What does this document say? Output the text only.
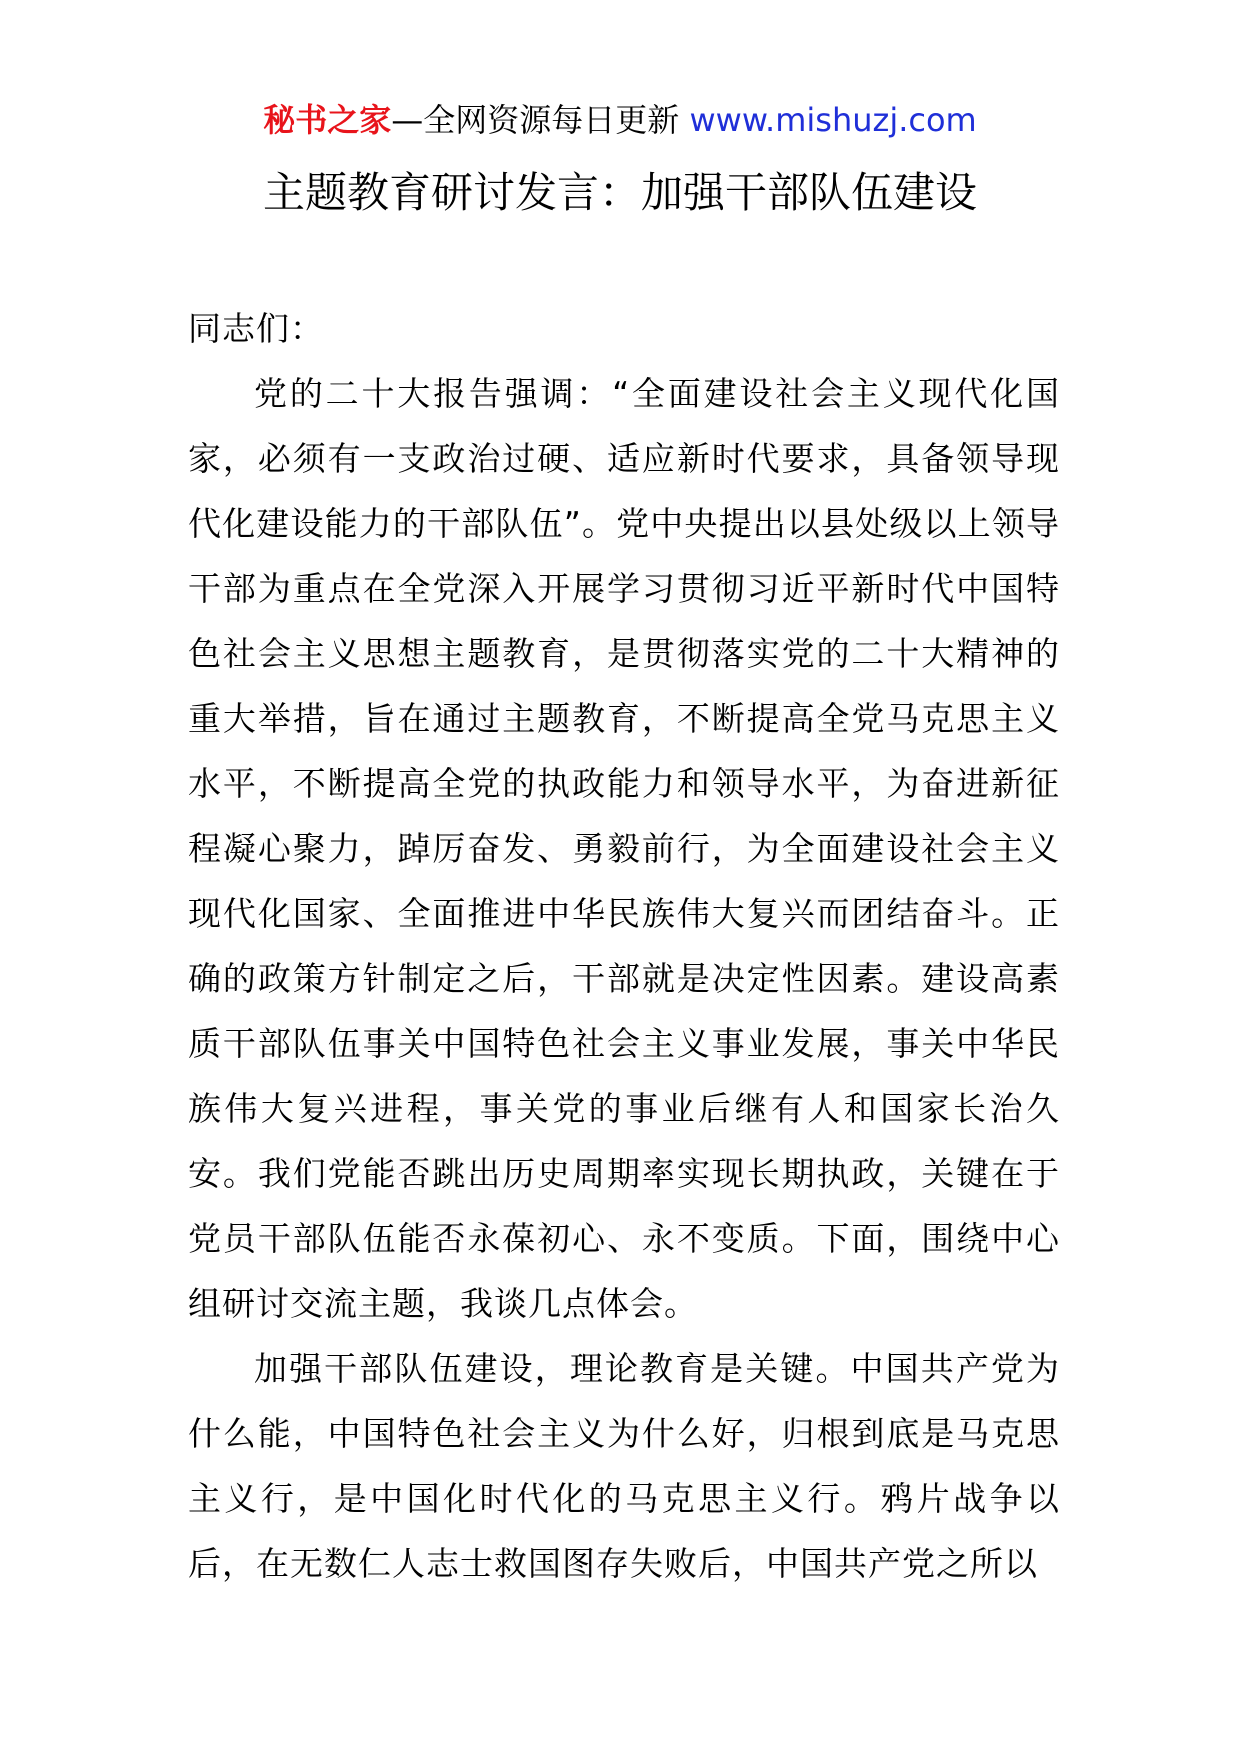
秘书之家—全网资源每日更新 www.mishuzj.com
主题教育研讨发言：加强干部队伍建设

同志们：

党的二十大报告强调：“全面建设社会主义现代化国家，必须有一支政治过硬、适应新时代要求，具备领导现代化建设能力的干部队伍”。党中央提出以县处级以上领导干部为重点在全党深入开展学习贯彻习近平新时代中国特色社会主义思想主题教育，是贯彻落实党的二十大精神的重大举措，旨在通过主题教育，不断提高全党马克思主义水平，不断提高全党的执政能力和领导水平，为奋进新征程凝心聚力，踔厉奋发、勇毅前行，为全面建设社会主义现代化国家、全面推进中华民族伟大复兴而团结奋斗。正确的政策方针制定之后，干部就是决定性因素。建设高素质干部队伍事关中国特色社会主义事业发展，事关中华民族伟大复兴进程，事关党的事业后继有人和国家长治久安。我们党能否跳出历史周期率实现长期执政，关键在于党员干部队伍能否永葆初心、永不变质。下面，围绕中心组研讨交流主题，我谈几点体会。

加强干部队伍建设，理论教育是关键。中国共产党为什么能，中国特色社会主义为什么好，归根到底是马克思主义行，是中国化时代化的马克思主义行。鸦片战争以后，在无数仁人志士救国图存失败后，中国共产党之所以
